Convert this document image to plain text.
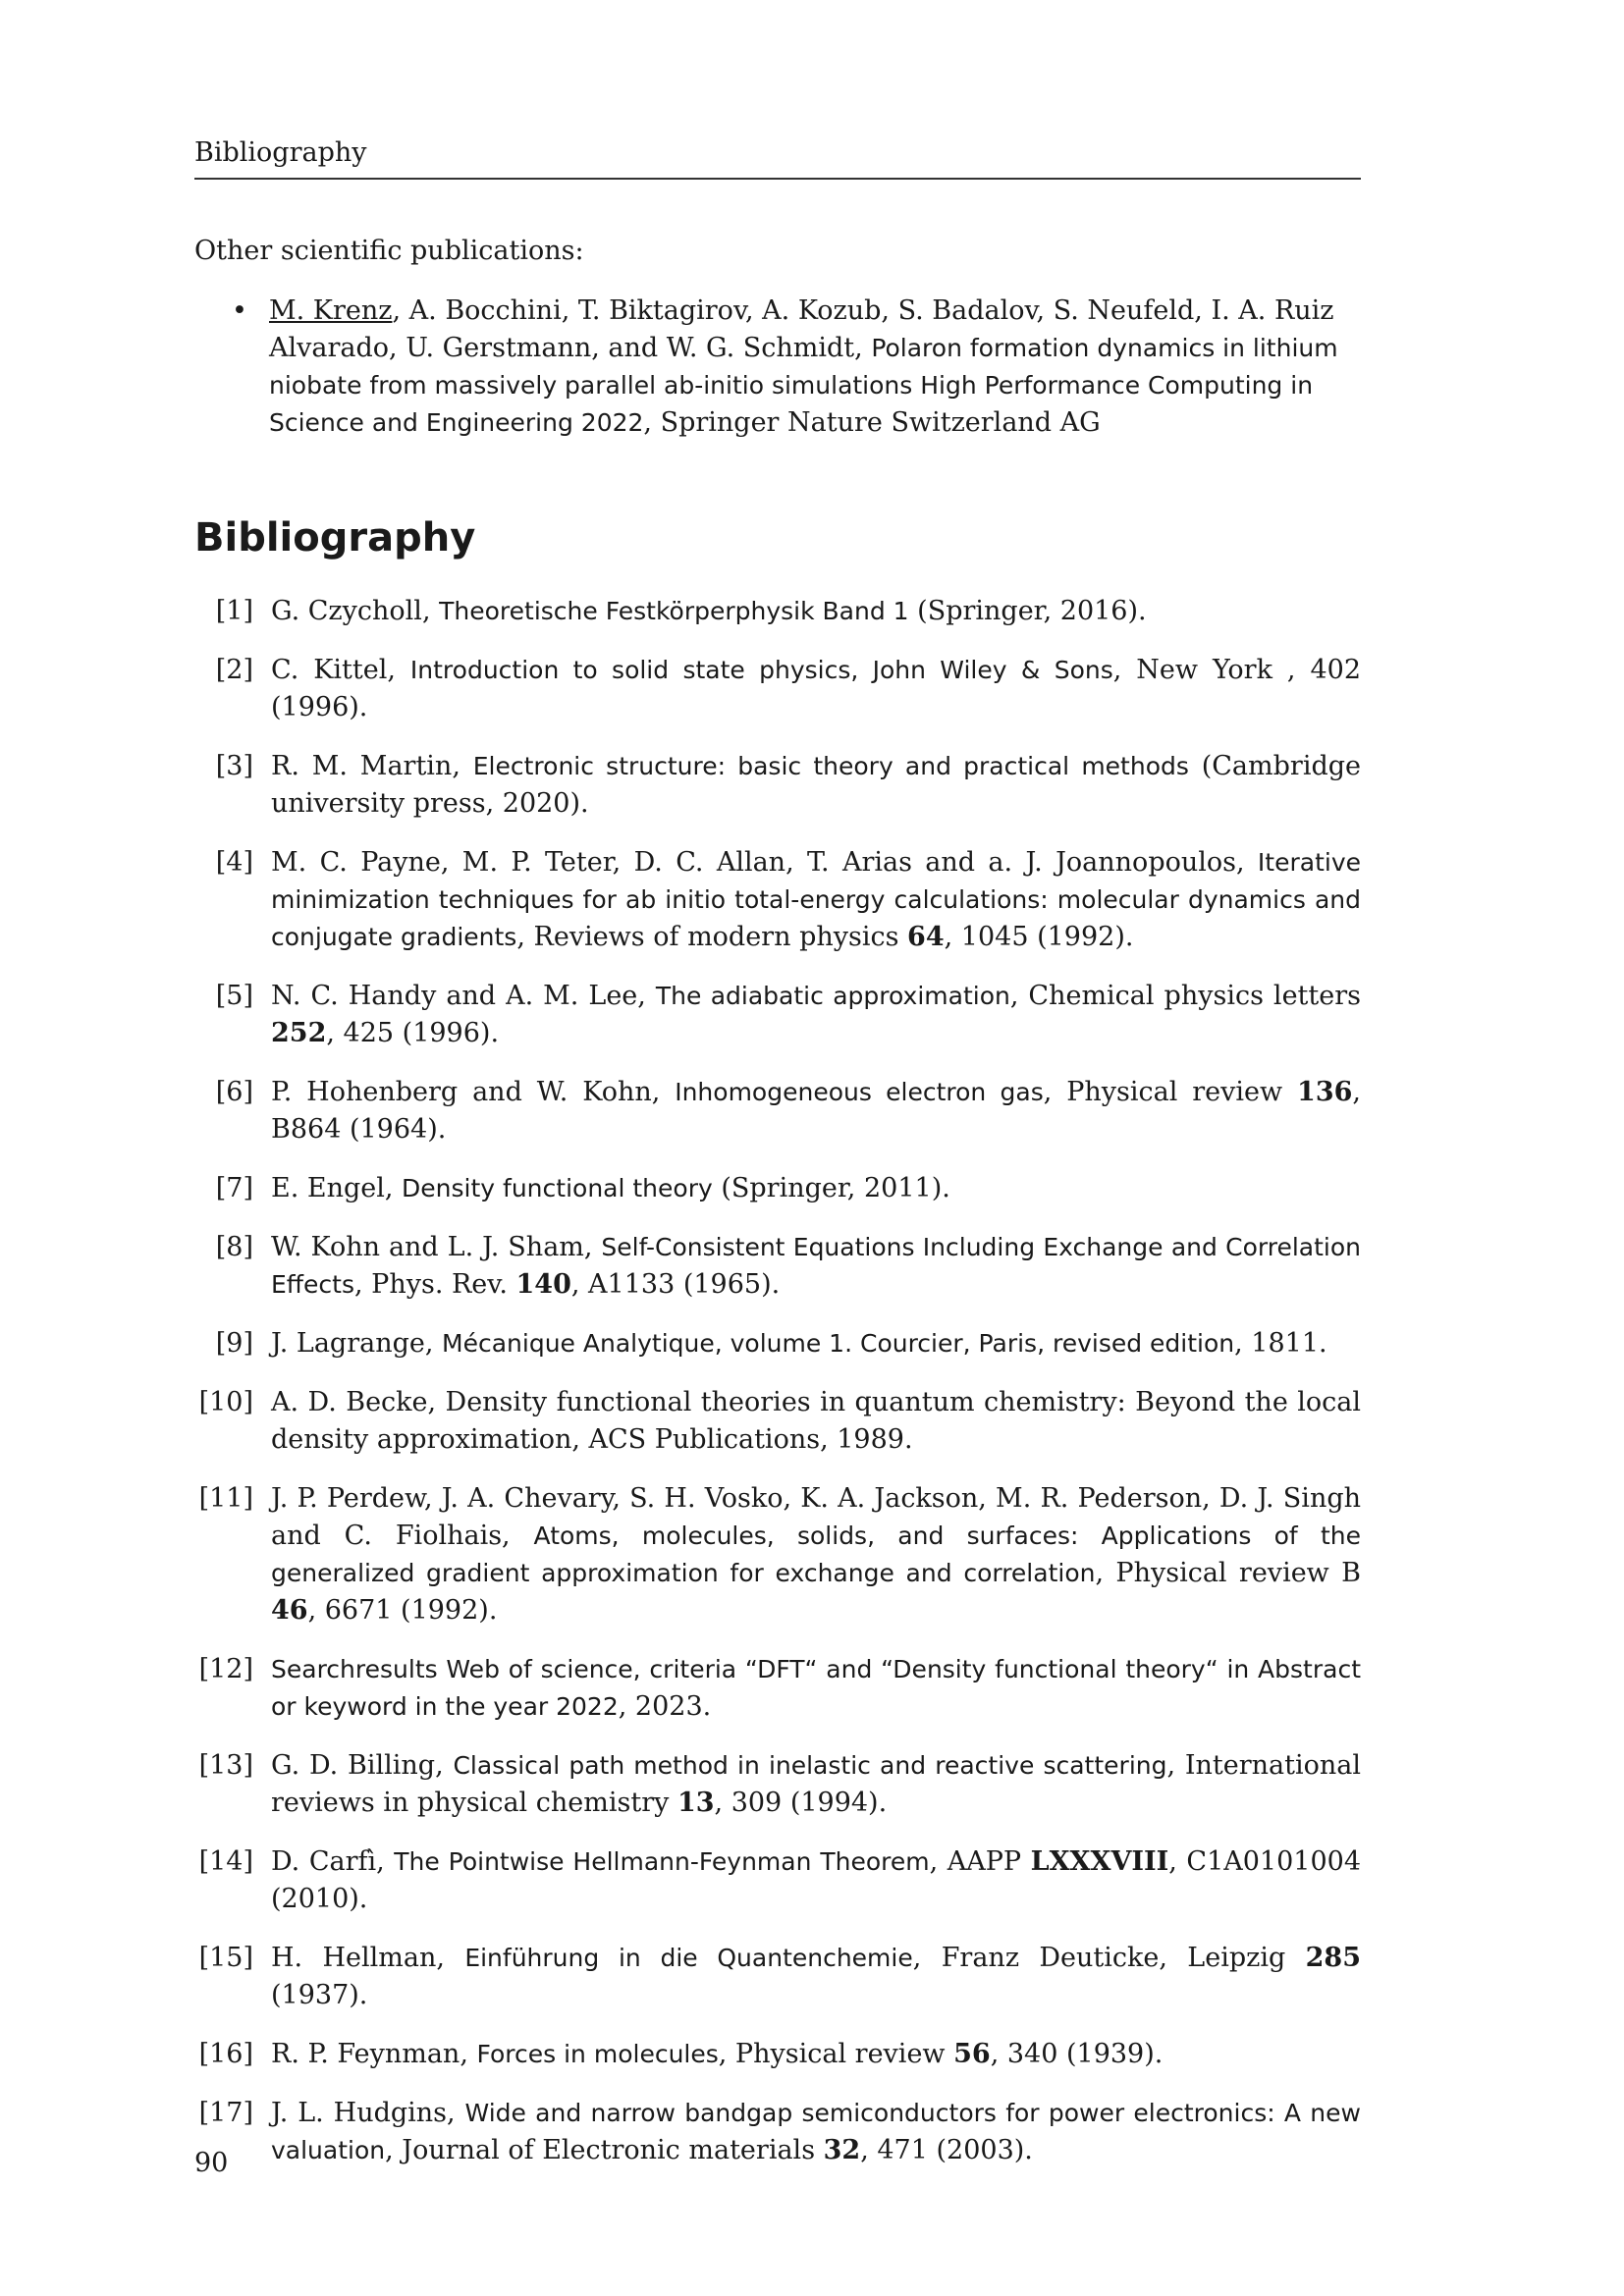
Bibliography
Other scientific publications:
• M. Krenz, A. Bocchini, T. Biktagirov, A. Kozub, S. Badalov, S. Neufeld, I. A. Ruiz Alvarado, U. Gerstmann, and W. G. Schmidt, Polaron formation dynamics in lithium niobate from massively parallel ab-initio simulations High Performance Computing in Science and Engineering 2022, Springer Nature Switzerland AG
Bibliography
[1] G. Czycholl, Theoretische Festkörperphysik Band 1 (Springer, 2016).
[2] C. Kittel, Introduction to solid state physics, John Wiley & Sons, New York , 402 (1996).
[3] R. M. Martin, Electronic structure: basic theory and practical methods (Cambridge university press, 2020).
[4] M. C. Payne, M. P. Teter, D. C. Allan, T. Arias and a. J. Joannopoulos, Iterative minimization techniques for ab initio total-energy calculations: molecular dynamics and conjugate gradients, Reviews of modern physics 64, 1045 (1992).
[5] N. C. Handy and A. M. Lee, The adiabatic approximation, Chemical physics letters 252, 425 (1996).
[6] P. Hohenberg and W. Kohn, Inhomogeneous electron gas, Physical review 136, B864 (1964).
[7] E. Engel, Density functional theory (Springer, 2011).
[8] W. Kohn and L. J. Sham, Self-Consistent Equations Including Exchange and Correlation Effects, Phys. Rev. 140, A1133 (1965).
[9] J. Lagrange, Mécanique Analytique, volume 1. Courcier, Paris, revised edition, 1811.
[10] A. D. Becke, Density functional theories in quantum chemistry: Beyond the local density approximation, ACS Publications, 1989.
[11] J. P. Perdew, J. A. Chevary, S. H. Vosko, K. A. Jackson, M. R. Pederson, D. J. Singh and C. Fiolhais, Atoms, molecules, solids, and surfaces: Applications of the generalized gradient approximation for exchange and correlation, Physical review B 46, 6671 (1992).
[12] Searchresults Web of science, criteria “DFT“ and “Density functional theory“ in Abstract or keyword in the year 2022, 2023.
[13] G. D. Billing, Classical path method in inelastic and reactive scattering, International reviews in physical chemistry 13, 309 (1994).
[14] D. Carfì, The Pointwise Hellmann-Feynman Theorem, AAPP LXXXVIII, C1A0101004 (2010).
[15] H. Hellman, Einführung in die Quantenchemie, Franz Deuticke, Leipzig 285 (1937).
[16] R. P. Feynman, Forces in molecules, Physical review 56, 340 (1939).
[17] J. L. Hudgins, Wide and narrow bandgap semiconductors for power electronics: A new valuation, Journal of Electronic materials 32, 471 (2003).
90
